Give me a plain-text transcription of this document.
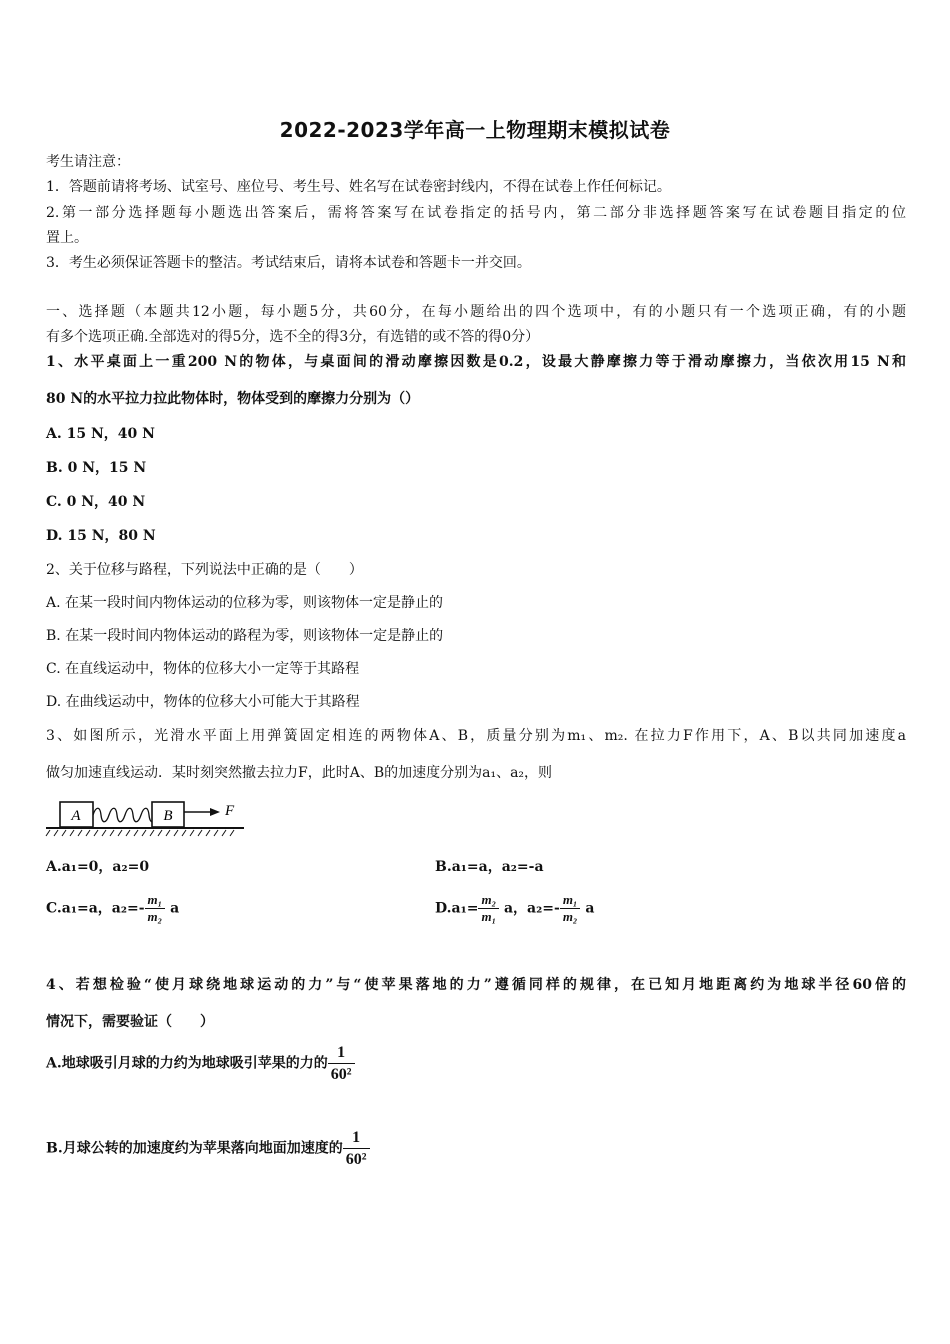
2022-2023学年高一上物理期末模拟试卷
考生请注意：
1．答题前请将考场、试室号、座位号、考生号、姓名写在试卷密封线内，不得在试卷上作任何标记。
2.第一部分选择题每小题选出答案后，需将答案写在试卷指定的括号内，第二部分非选择题答案写在试卷题目指定的位
置上。
3．考生必须保证答题卡的整洁。考试结束后，请将本试卷和答题卡一并交回。
一、选择题（本题共12小题，每小题5分，共60分，在每小题给出的四个选项中，有的小题只有一个选项正确，有的小题
有多个选项正确.全部选对的得5分，选不全的得3分，有选错的或不答的得0分）
1、水平桌面上一重200 N的物体，与桌面间的滑动摩擦因数是0.2，设最大静摩擦力等于滑动摩擦力，当依次用15 N和
80 N的水平拉力拉此物体时，物体受到的摩擦力分别为（）
A. 15 N，40 N
B. 0 N，15 N
C. 0 N，40 N
D. 15 N，80 N
2、关于位移与路程，下列说法中正确的是（　　）
A. 在某一段时间内物体运动的位移为零，则该物体一定是静止的
B. 在某一段时间内物体运动的路程为零，则该物体一定是静止的
C. 在直线运动中，物体的位移大小一定等于其路程
D. 在曲线运动中，物体的位移大小可能大于其路程
3、如图所示，光滑水平面上用弹簧固定相连的两物体A、B，质量分别为m₁、m₂. 在拉力F作用下，A、B以共同加速度a
做匀加速直线运动．某时刻突然撤去拉力F，此时A、B的加速度分别为a₁、a₂，则
A	B	F
A.a₁=0，a₂=0	B.a₁=a，a₂=-a
C.a₁=a，$a_2=- \frac{\text{m₁}}{\text{m₂}}$ a	$D.a_1= \frac{\text{m₂}}{\text{m₁}}$ a，$a_2=- \frac{\text{m₁}}{\text{m₂}}$ a
4、若想检验“使月球绕地球运动的力”与“使苹果落地的力”遵循同样的规律，在已知月地距离约为地球半径60倍的
情况下，需要验证（　　）
A.地球吸引月球的力约为地球吸引苹果的力的 $\frac{1}{\text{60²}}$
B.月球公转的加速度约为苹果落向地面加速度的 $\frac{1}{\text{60²}}$
